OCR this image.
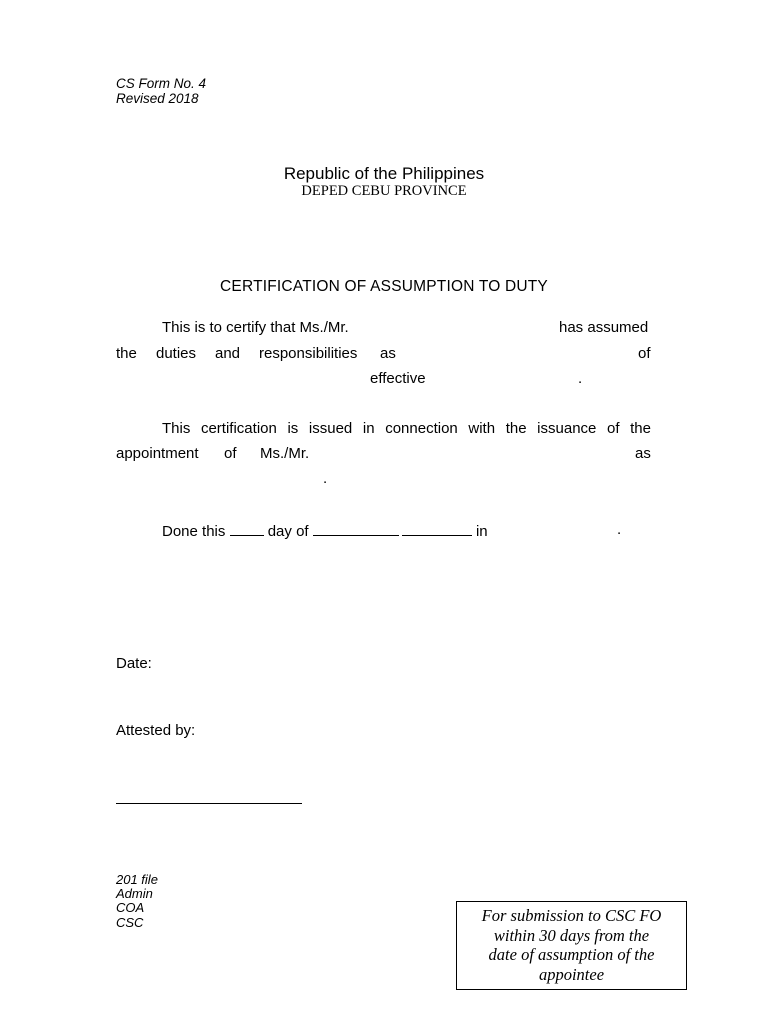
CS Form No. 4
Revised 2018
Republic of the Philippines
DEPED CEBU PROVINCE
CERTIFICATION OF ASSUMPTION TO DUTY
This is to certify that Ms./Mr.	has assumed
the duties and responsibilities as	of
effective	.
This certification is issued in connection with the issuance of the
appointment of Ms./Mr.	as
.
Done this	day of	in	.
Date:
Attested by:
201 file
Admin
COA
CSC	For submission to CSC FO
within 30 days from the
date of assumption of the
appointee
